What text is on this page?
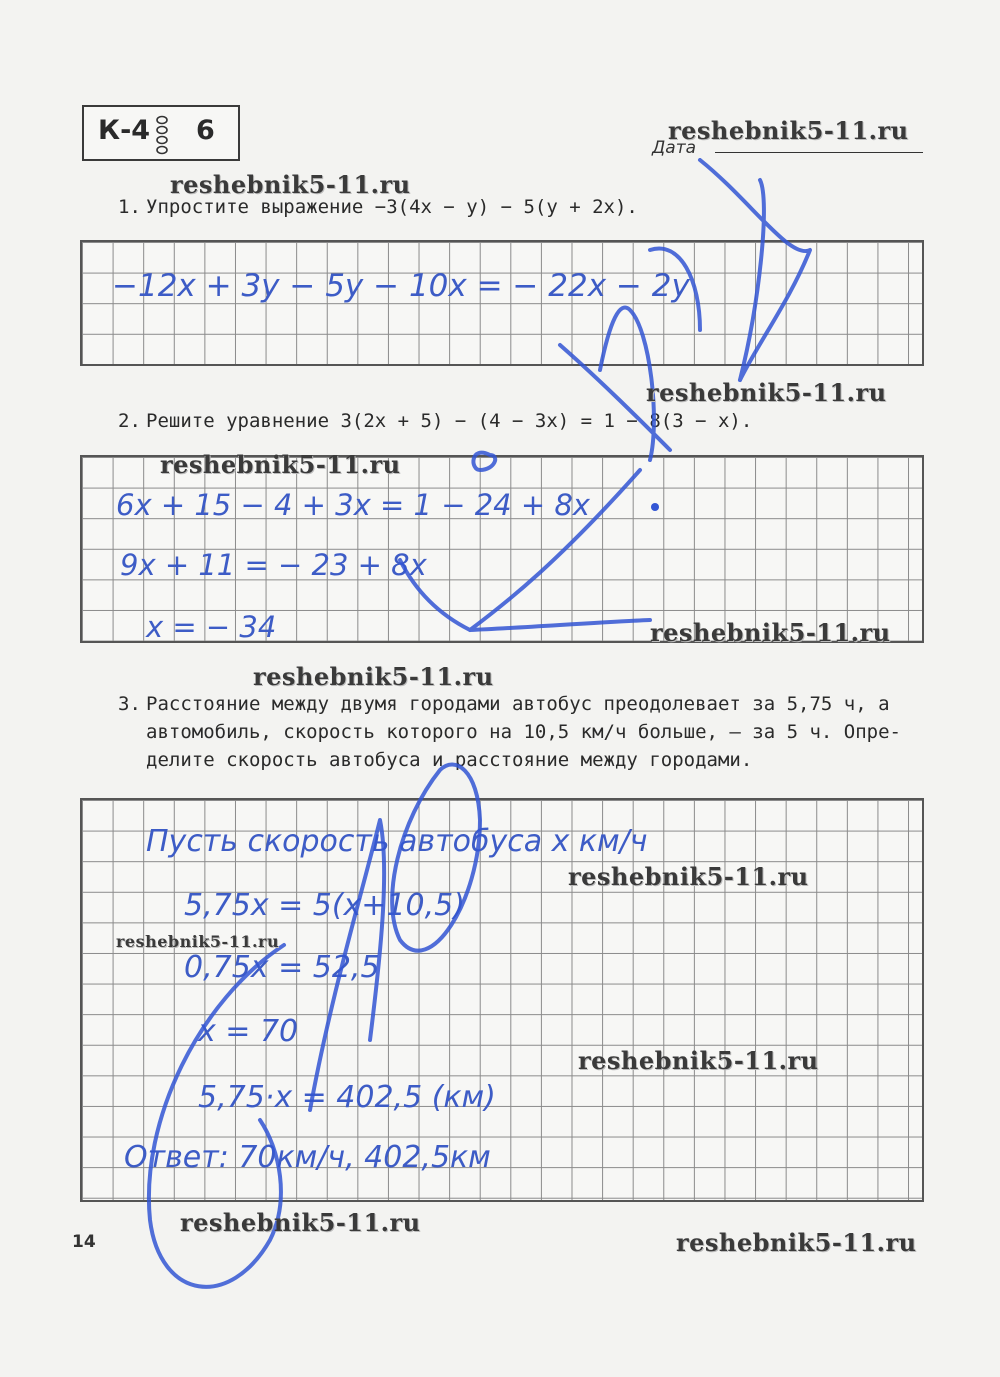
К-4 6
Дата
1. Упростите выражение −3(4x − y) − 5(y + 2x).
−12x + 3y − 5y − 10x = − 22x − 2y
2. Решите уравнение 3(2x + 5) − (4 − 3x) = 1 − 8(3 − x).
6x + 15 − 4 + 3x = 1 − 24 + 8x
9x + 11 = − 23 + 8x
x = − 34
3. Расстояние между двумя городами автобус преодолевает за 5,75 ч, а
автомобиль, скорость которого на 10,5 км/ч больше, — за 5 ч. Опре-
делите скорость автобуса и расстояние между городами.
Пусть скорость автобуса x км/ч
5,75x = 5(x+10,5)
0,75x = 52,5
x = 70
5,75·x = 402,5 (км)
Ответ: 70км/ч, 402,5км
reshebnik5-11.ru
reshebnik5-11.ru
reshebnik5-11.ru
reshebnik5-11.ru
reshebnik5-11.ru
reshebnik5-11.ru
reshebnik5-11.ru
reshebnik5-11.ru
reshebnik5-11.ru
reshebnik5-11.ru
reshebnik5-11.ru
14
